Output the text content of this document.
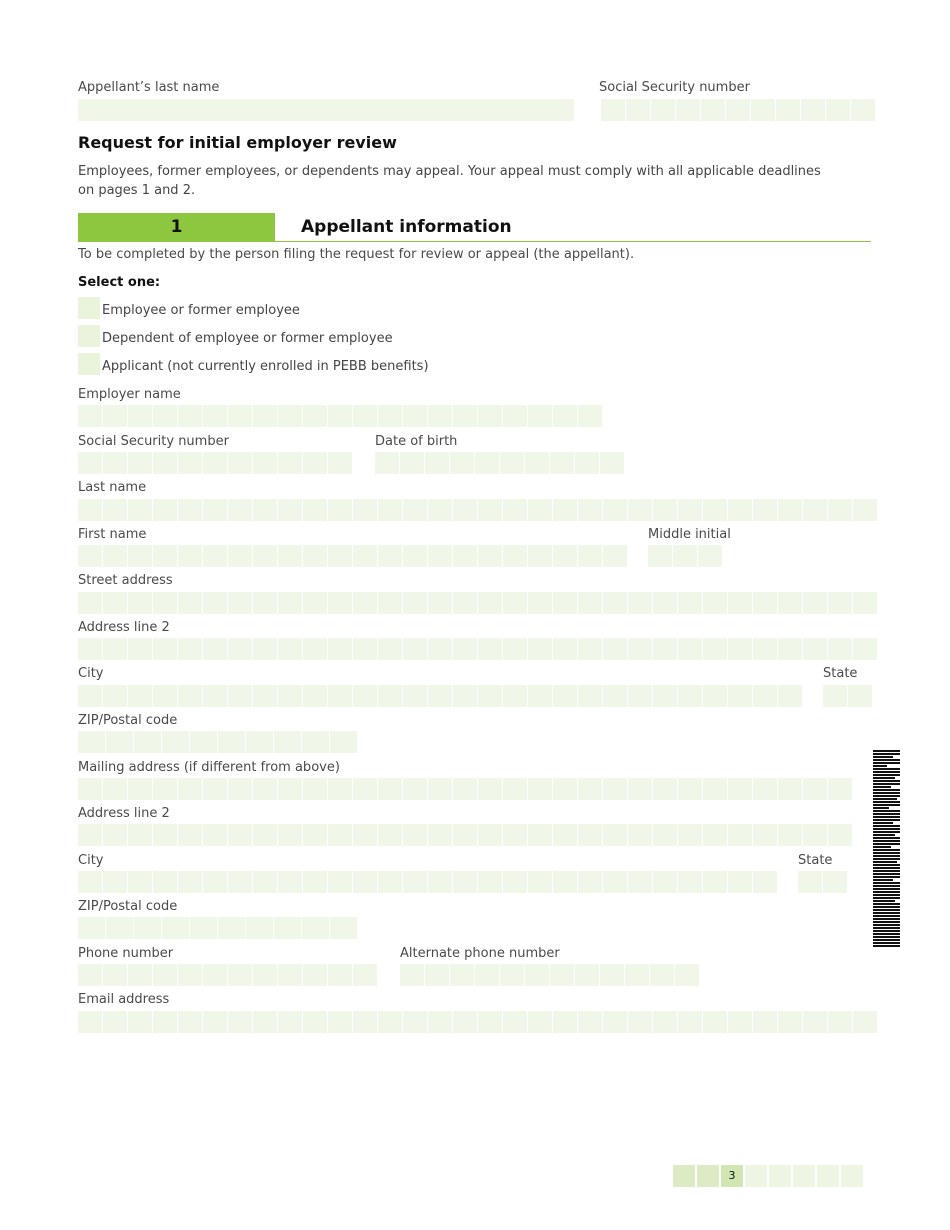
Appellant’s last name	Social Security number
Request for initial employer review
Employees, former employees, or dependents may appeal. Your appeal must comply with all applicable deadlines on pages 1 and 2.
1	Appellant information
To be completed by the person filing the request for review or appeal (the appellant).
Select one:
Employee or former employee
Dependent of employee or former employee
Applicant (not currently enrolled in PEBB benefits)
Employer name
Social Security number	Date of birth
Last name
First name	Middle initial
Street address
Address line 2
City	State
ZIP/Postal code
Mailing address (if different from above)
Address line 2
City	State
ZIP/Postal code
Phone number	Alternate phone number
Email address
3
